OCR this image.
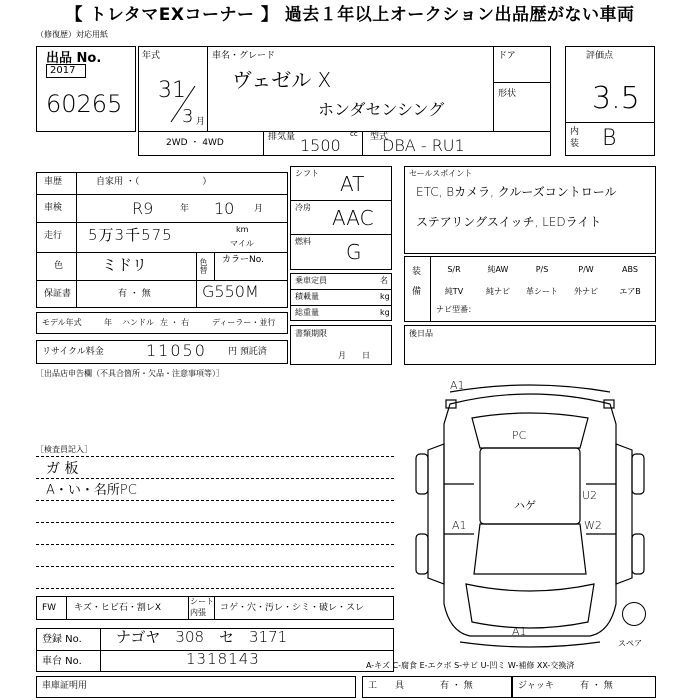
【 トレタマEXコーナー 】 過去１年以上オークション出品歴がない車両
（修復歴）対応用紙
出品 No.
2017
60265
年式
31
3 月
車名・グレード
ヴェゼル X
ホンダセンシング
ドア
形状
評価点
3.5
内
装 B
2WD ・ 4WD
排気量	cc
1500	型式
DBA - RU1
車歴	自家用 ・（　　　　　　　）
車検	R9	年 10 月
走行 5万3千575	km
マイル
色	ミドリ	色替 カラーNo.
G550M
保証書	有 ・ 無
モデル年式	年 ハンドル 左 ・ 右	ディーラー・並行
リサイクル料金	11050 円 預託済
シフト AT
冷房 AAC
燃料 G
乗車定員	名
積載量	kg
総重量	kg
書類期限
月　　日
セールスポイント
ETC, Bカメラ, クルーズコントロール
ステアリングスイッチ, LEDライト
装
備
S/R	純AW	P/S	P/W	ABS
純TV	純ナビ	革シート	外ナビ	エアB
ナビ型番：
後日品
［出品店申告欄（不具合箇所・欠品・注意事項等）］
［検査員記入］
ガ 板
A・い・名所PC
FW キズ・ヒビ石・割レX
シート
内張 コゲ・穴・汚レ・シミ・破レ・スレ
登録 No. ナゴヤ　308　セ　3171
車台 No.	1318143
車庫証明用	工　　具	有 ・ 無	ジャッキ	有 ・ 無
A-キズ C-腐食 E-エクボ S-サビ U-凹ミ W-補修 XX-交換済
A1
PC
ハゲ
U2
W2
A1
A1
スペア
